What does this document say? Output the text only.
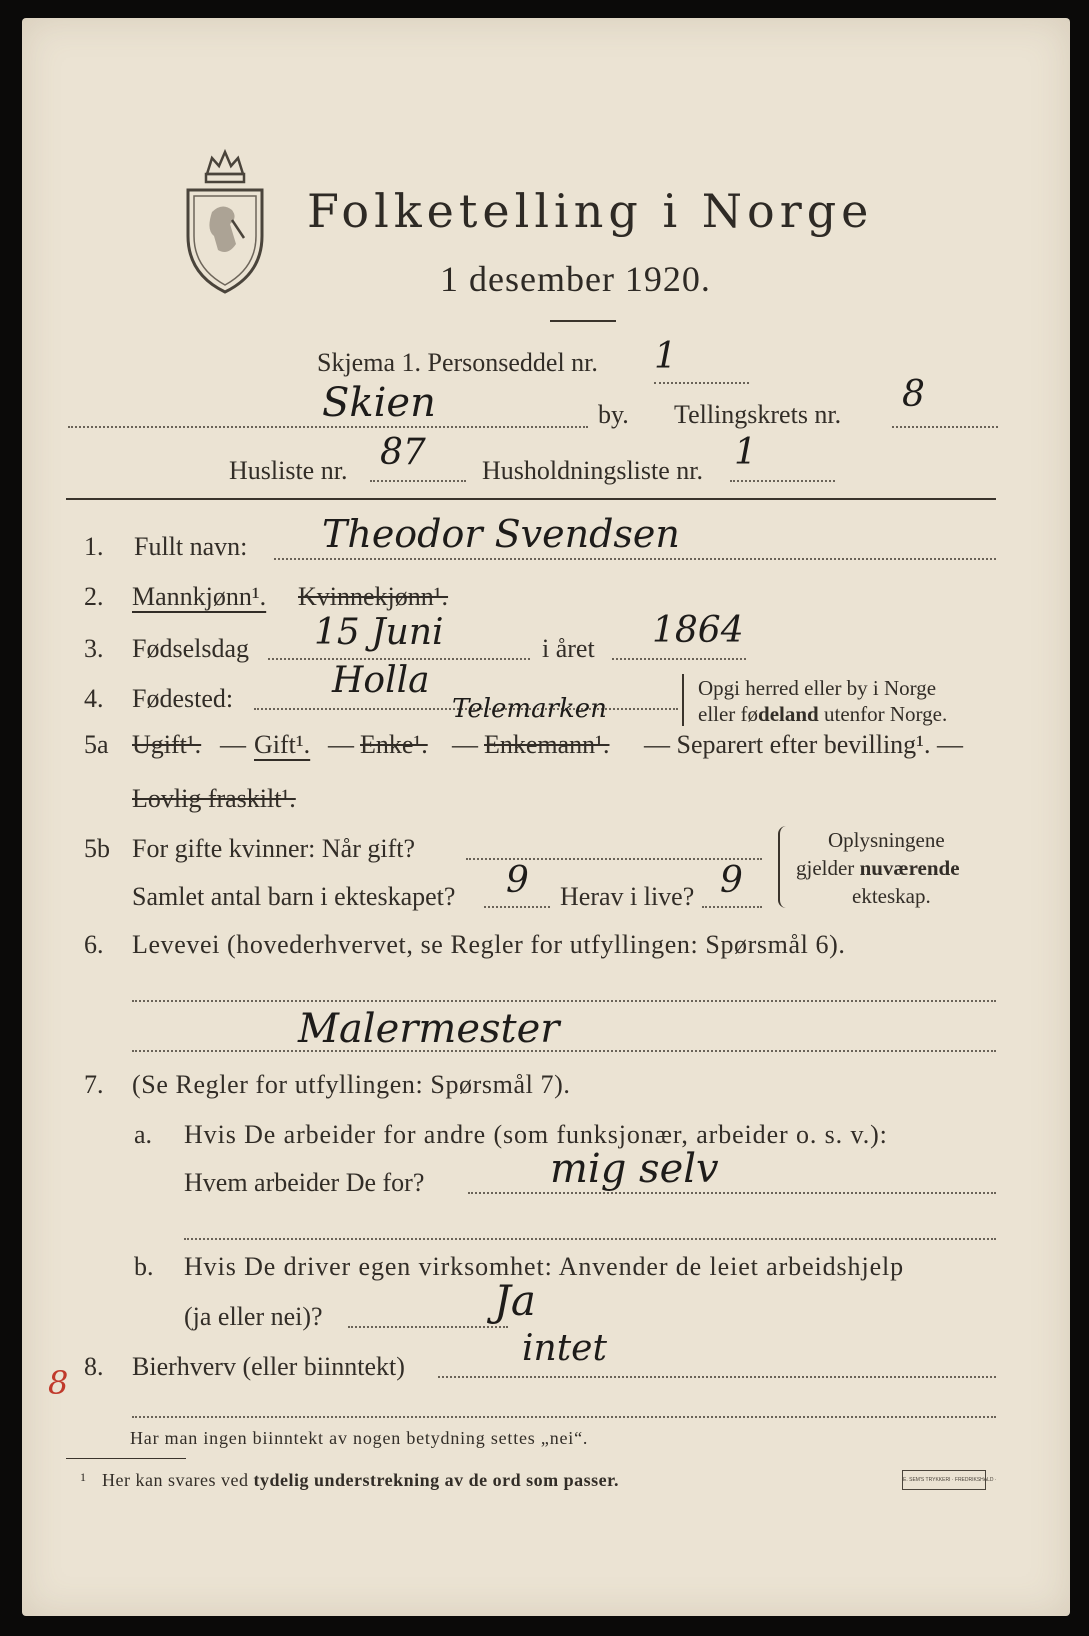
Folketelling i Norge
1 desember 1920.
Skjema 1. Personseddel nr. 1
Skien	by. Tellingskrets nr. 8
Husliste nr. 87 Husholdningsliste nr. 1
1. Fullt navn: Theodor Svendsen
2. Mannkjønn¹. Kvinnekjønn¹.
3. Fødselsdag 15 Juni	i året 1864
4. Fødested:	Holla
Telemarken
Opgi herred eller by i Norge
eller fødeland utenfor Norge.
5a Ugift¹. — Gift¹. — Enke¹. — Enkemann¹. — Separert efter bevilling¹. —
Lovlig fraskilt¹.
5b For gifte kvinner: Når gift?
Samlet antal barn i ekteskapet? 9 Herav i live? 9
Oplysningene
gjelder nuværende
ekteskap.
6. Levevei (hovederhvervet, se Regler for utfyllingen: Spørsmål 6).
Malermester
7. (Se Regler for utfyllingen: Spørsmål 7).
a. Hvis De arbeider for andre (som funksjonær, arbeider o. s. v.):
Hvem arbeider De for?	mig selv
b. Hvis De driver egen virksomhet: Anvender de leiet arbeidshjelp
(ja eller nei)?	Ja
8 8. Bierhverv (eller biinntekt)	intet
Har man ingen biinntekt av nogen betydning settes „nei“.
1 Her kan svares ved tydelig understrekning av de ord som passer.	E. SEM'S TRYKKERI · FREDRIKSHALD ·
